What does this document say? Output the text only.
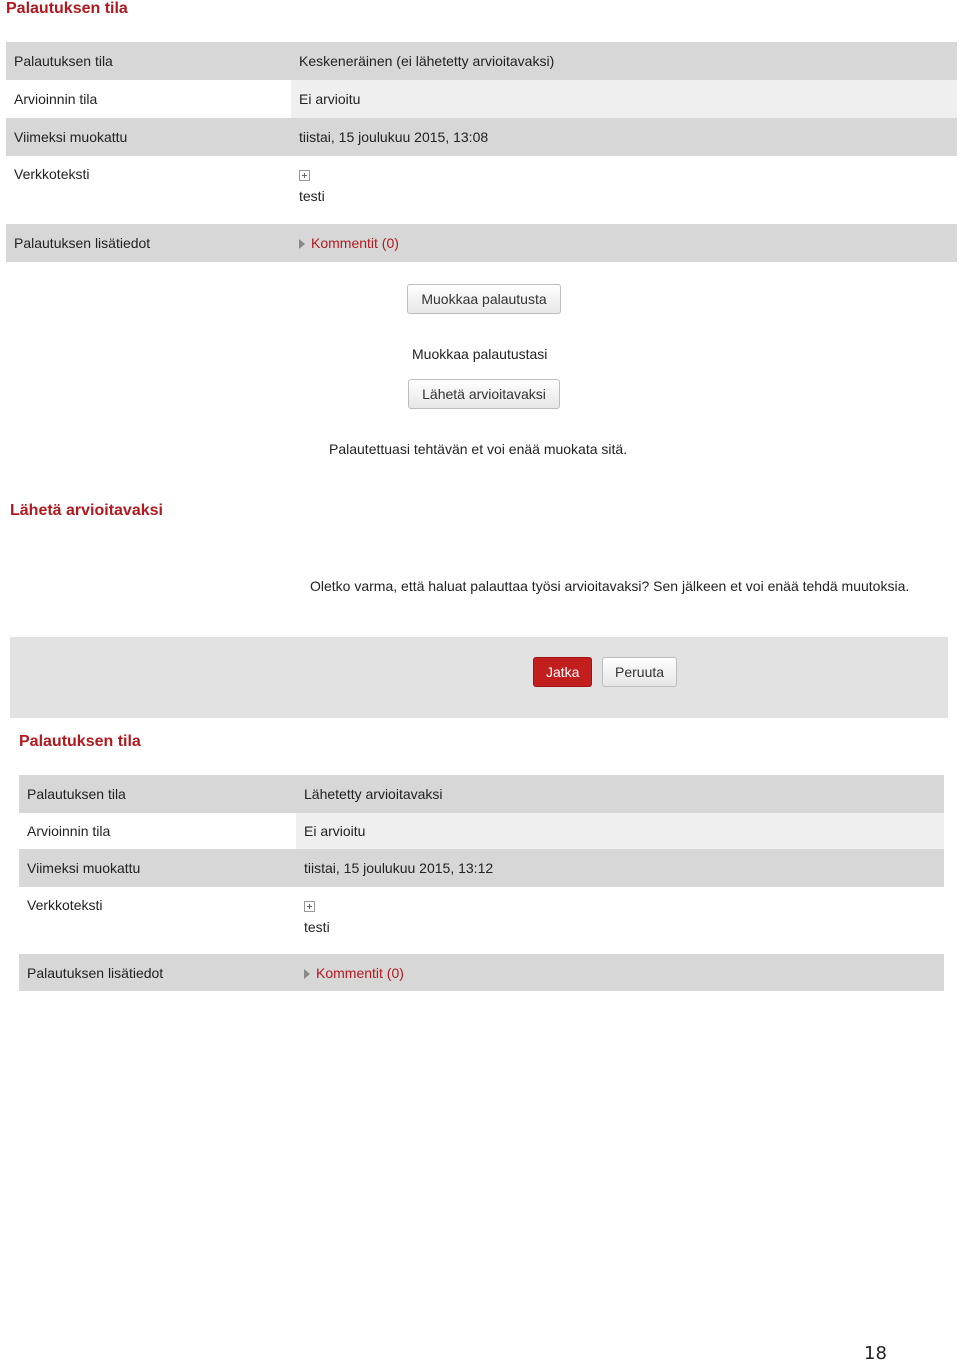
Palautuksen tila
Palautuksen tila	Keskeneräinen (ei lähetetty arvioitavaksi)
Arvioinnin tila	Ei arvioitu
Viimeksi muokattu	tiistai, 15 joulukuu 2015, 13:08
Verkkoteksti	testi

Palautuksen lisätiedot	Kommentit (0)
Muokkaa palautusta

Muokkaa palautustasi

Lähetä arvioitavaksi

Palautettuasi tehtävän et voi enää muokata sitä.

Lähetä arvioitavaksi

Oletko varma, että haluat palauttaa työsi arvioitavaksi? Sen jälkeen et voi enää tehdä muutoksia.

Jatka	Peruuta
Palautuksen tila
Palautuksen tila	Lähetetty arvioitavaksi
Arvioinnin tila	Ei arvioitu
Viimeksi muokattu	tiistai, 15 joulukuu 2015, 13:12
Verkkoteksti	testi

Palautuksen lisätiedot	Kommentit (0)
18
